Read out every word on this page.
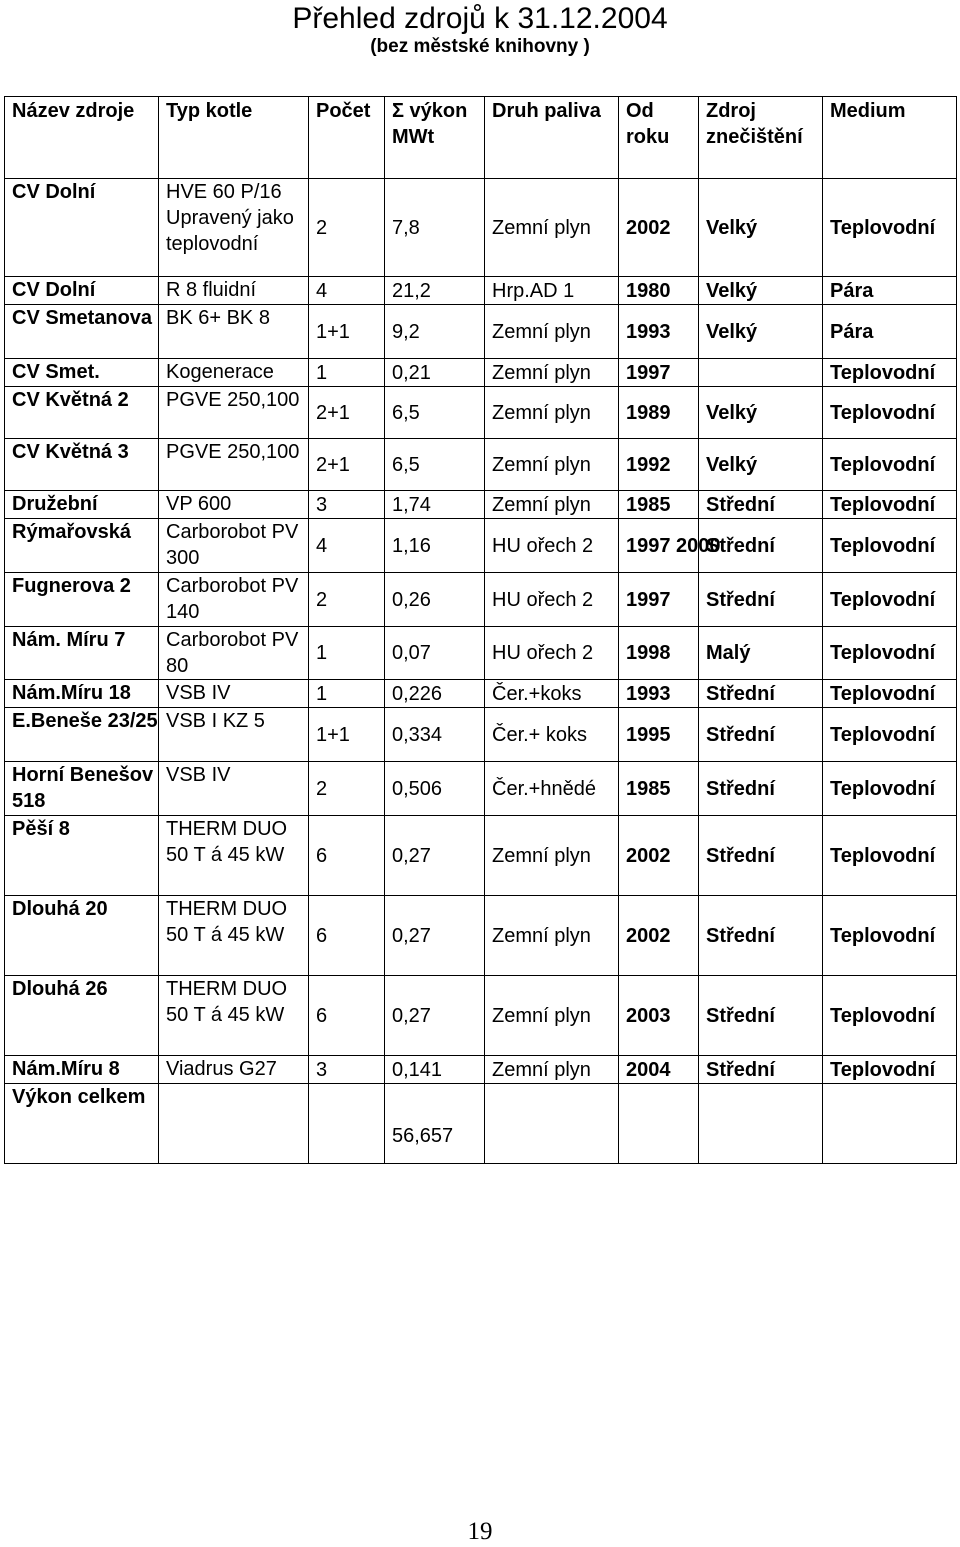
Přehled zdrojů k 31.12.2004
(bez městské knihovny )
Název zdroje	Typ kotle	Počet	Σ výkon MWt	Druh paliva	Od roku	Zdroj znečištění	Medium
CV Dolní	HVE 60 P/16 Upravený jako teplovodní	2	7,8	Zemní plyn	2002	Velký	Teplovodní
CV Dolní	R 8 fluidní	4	21,2	Hrp.AD 1	1980	Velký	Pára
CV Smetanova	BK 6+ BK 8	1+1	9,2	Zemní plyn	1993	Velký	Pára
CV Smet.	Kogenerace	1	0,21	Zemní plyn	1997		Teplovodní
CV Květná 2	PGVE 250,100	2+1	6,5	Zemní plyn	1989	Velký	Teplovodní
CV Květná 3	PGVE 250,100	2+1	6,5	Zemní plyn	1992	Velký	Teplovodní
Družební	VP 600	3	1,74	Zemní plyn	1985	Střední	Teplovodní
Rýmařovská	Carborobot PV 300	4	1,16	HU ořech 2	1997 2000	Střední	Teplovodní
Fugnerova 2	Carborobot PV 140	2	0,26	HU ořech 2	1997	Střední	Teplovodní
Nám. Míru 7	Carborobot PV 80	1	0,07	HU ořech 2	1998	Malý	Teplovodní
Nám.Míru 18	VSB IV	1	0,226	Čer.+koks	1993	Střední	Teplovodní
E.Beneše 23/25	VSB I KZ 5	1+1	0,334	Čer.+ koks	1995	Střední	Teplovodní
Horní Benešov 518	VSB IV	2	0,506	Čer.+hnědé	1985	Střední	Teplovodní
Pěší 8	THERM DUO 50 T á 45 kW	6	0,27	Zemní plyn	2002	Střední	Teplovodní
Dlouhá 20	THERM DUO 50 T á 45 kW	6	0,27	Zemní plyn	2002	Střední	Teplovodní
Dlouhá 26	THERM DUO 50 T á 45 kW	6	0,27	Zemní plyn	2003	Střední	Teplovodní
Nám.Míru 8	Viadrus G27	3	0,141	Zemní plyn	2004	Střední	Teplovodní
Výkon celkem			56,657				
19
